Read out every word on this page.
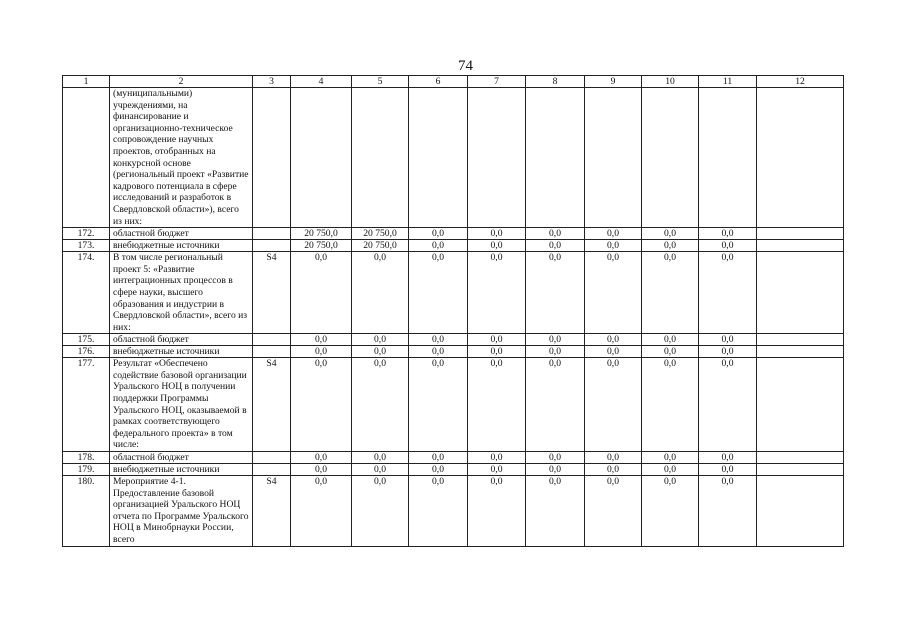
74
1	2	3	4	5	6	7	8	9	10	11	12
	(муниципальными) учреждениями, на финансирование и организационно-техническое сопровождение научных проектов, отобранных на конкурсной основе (региональный проект «Развитие кадрового потенциала в сфере исследований и разработок в Свердловской области»), всего из них:										
172.	областной бюджет		20 750,0	20 750,0	0,0	0,0	0,0	0,0	0,0	0,0	
173.	внебюджетные источники		20 750,0	20 750,0	0,0	0,0	0,0	0,0	0,0	0,0	
174.	В том числе региональный проект 5: «Развитие интеграционных процессов в сфере науки, высшего образования и индустрии в Свердловской области», всего из них:	S4	0,0	0,0	0,0	0,0	0,0	0,0	0,0	0,0	
175.	областной бюджет		0,0	0,0	0,0	0,0	0,0	0,0	0,0	0,0	
176.	внебюджетные источники		0,0	0,0	0,0	0,0	0,0	0,0	0,0	0,0	
177.	Результат «Обеспечено содействие базовой организации Уральского НОЦ в получении поддержки Программы Уральского НОЦ, оказываемой в рамках соответствующего федерального проекта» в том числе:	S4	0,0	0,0	0,0	0,0	0,0	0,0	0,0	0,0	
178.	областной бюджет		0,0	0,0	0,0	0,0	0,0	0,0	0,0	0,0	
179.	внебюджетные источники		0,0	0,0	0,0	0,0	0,0	0,0	0,0	0,0	
180.	Мероприятие 4-1. Предоставление базовой организацией Уральского НОЦ отчета по Программе Уральского НОЦ в Минобрнауки России, всего	S4	0,0	0,0	0,0	0,0	0,0	0,0	0,0	0,0	
